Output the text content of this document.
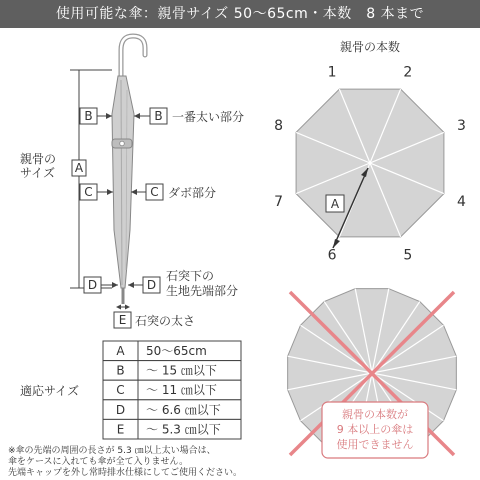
使用可能な傘：親骨サイズ 50〜65cm・本数　8 本まで
親骨の
サイズ A
B	B 一番太い部分
C	C ダボ部分
D	D
石突下の
生地先端部分
E 石突の太さ
適応サイズ
A 50〜65cm
B 〜 15 ㎝以下
C 〜 11 ㎝以下
D 〜 6.6 ㎝以下
E 〜 5.3 ㎝以下
※傘の先端の周囲の長さが 5.3 ㎝以上太い場合は、
傘をケースに入れても傘が全て入りません。
先端キャップを外し常時排水仕様にしてご使用ください。
親骨の本数
1	2
3
4
5
6
7
8
A
親骨の本数が
9 本以上の傘は
使用できません
